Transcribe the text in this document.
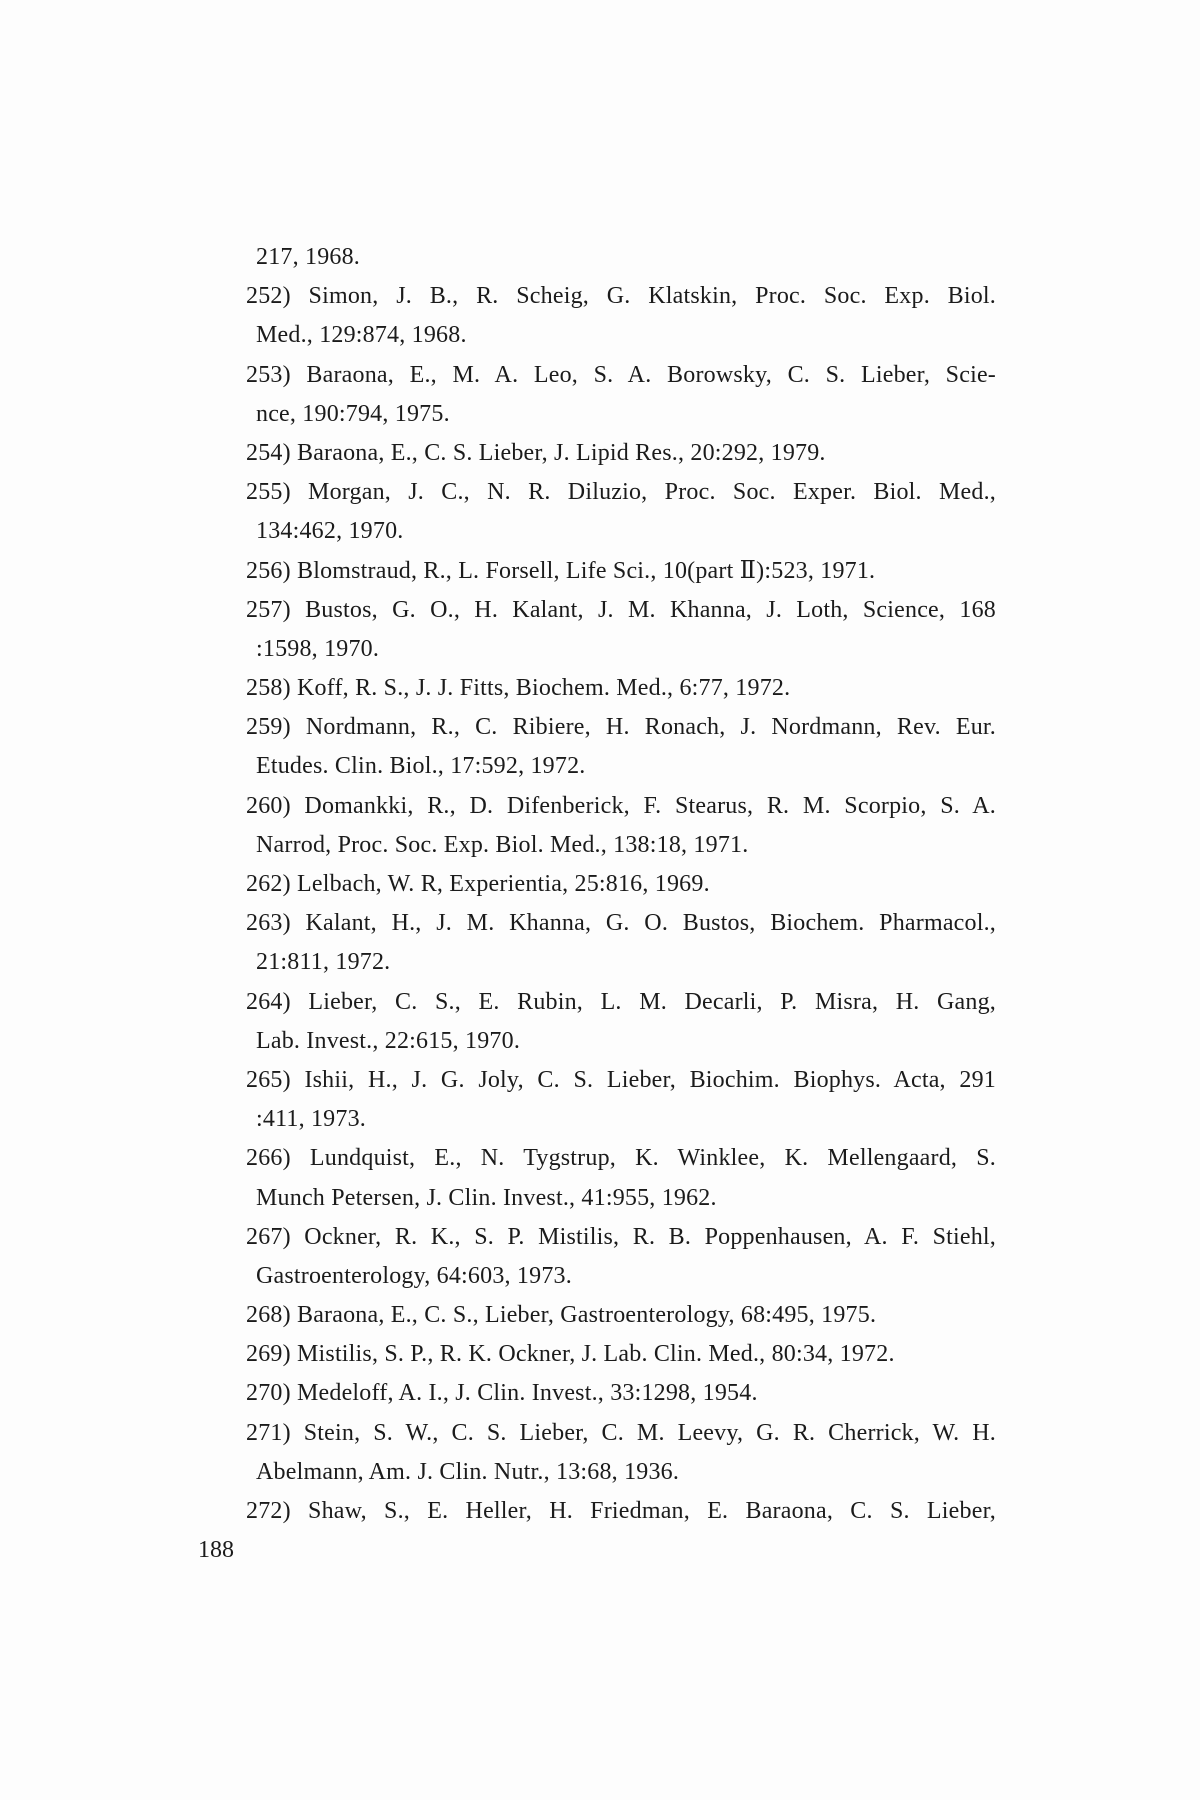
217, 1968.
252) Simon, J. B., R. Scheig, G. Klatskin, Proc. Soc. Exp. Biol.
Med., 129:874, 1968.
253) Baraona, E., M. A. Leo, S. A. Borowsky, C. S. Lieber, Scie-
nce, 190:794, 1975.
254) Baraona, E., C. S. Lieber, J. Lipid Res., 20:292, 1979.
255) Morgan, J. C., N. R. Diluzio, Proc. Soc. Exper. Biol. Med.,
134:462, 1970.
256) Blomstraud, R., L. Forsell, Life Sci., 10(part Ⅱ):523, 1971.
257) Bustos, G. O., H. Kalant, J. M. Khanna, J. Loth, Science, 168
:1598, 1970.
258) Koff, R. S., J. J. Fitts, Biochem. Med., 6:77, 1972.
259) Nordmann, R., C. Ribiere, H. Ronach, J. Nordmann, Rev. Eur.
Etudes. Clin. Biol., 17:592, 1972.
260) Domankki, R., D. Difenberick, F. Stearus, R. M. Scorpio, S. A.
Narrod, Proc. Soc. Exp. Biol. Med., 138:18, 1971.
262) Lelbach, W. R, Experientia, 25:816, 1969.
263) Kalant, H., J. M. Khanna, G. O. Bustos, Biochem. Pharmacol.,
21:811, 1972.
264) Lieber, C. S., E. Rubin, L. M. Decarli, P. Misra, H. Gang,
Lab. Invest., 22:615, 1970.
265) Ishii, H., J. G. Joly, C. S. Lieber, Biochim. Biophys. Acta, 291
:411, 1973.
266) Lundquist, E., N. Tygstrup, K. Winklee, K. Mellengaard, S.
Munch Petersen, J. Clin. Invest., 41:955, 1962.
267) Ockner, R. K., S. P. Mistilis, R. B. Poppenhausen, A. F. Stiehl,
Gastroenterology, 64:603, 1973.
268) Baraona, E., C. S., Lieber, Gastroenterology, 68:495, 1975.
269) Mistilis, S. P., R. K. Ockner, J. Lab. Clin. Med., 80:34, 1972.
270) Medeloff, A. I., J. Clin. Invest., 33:1298, 1954.
271) Stein, S. W., C. S. Lieber, C. M. Leevy, G. R. Cherrick, W. H.
Abelmann, Am. J. Clin. Nutr., 13:68, 1936.
272) Shaw, S., E. Heller, H. Friedman, E. Baraona, C. S. Lieber,
188
